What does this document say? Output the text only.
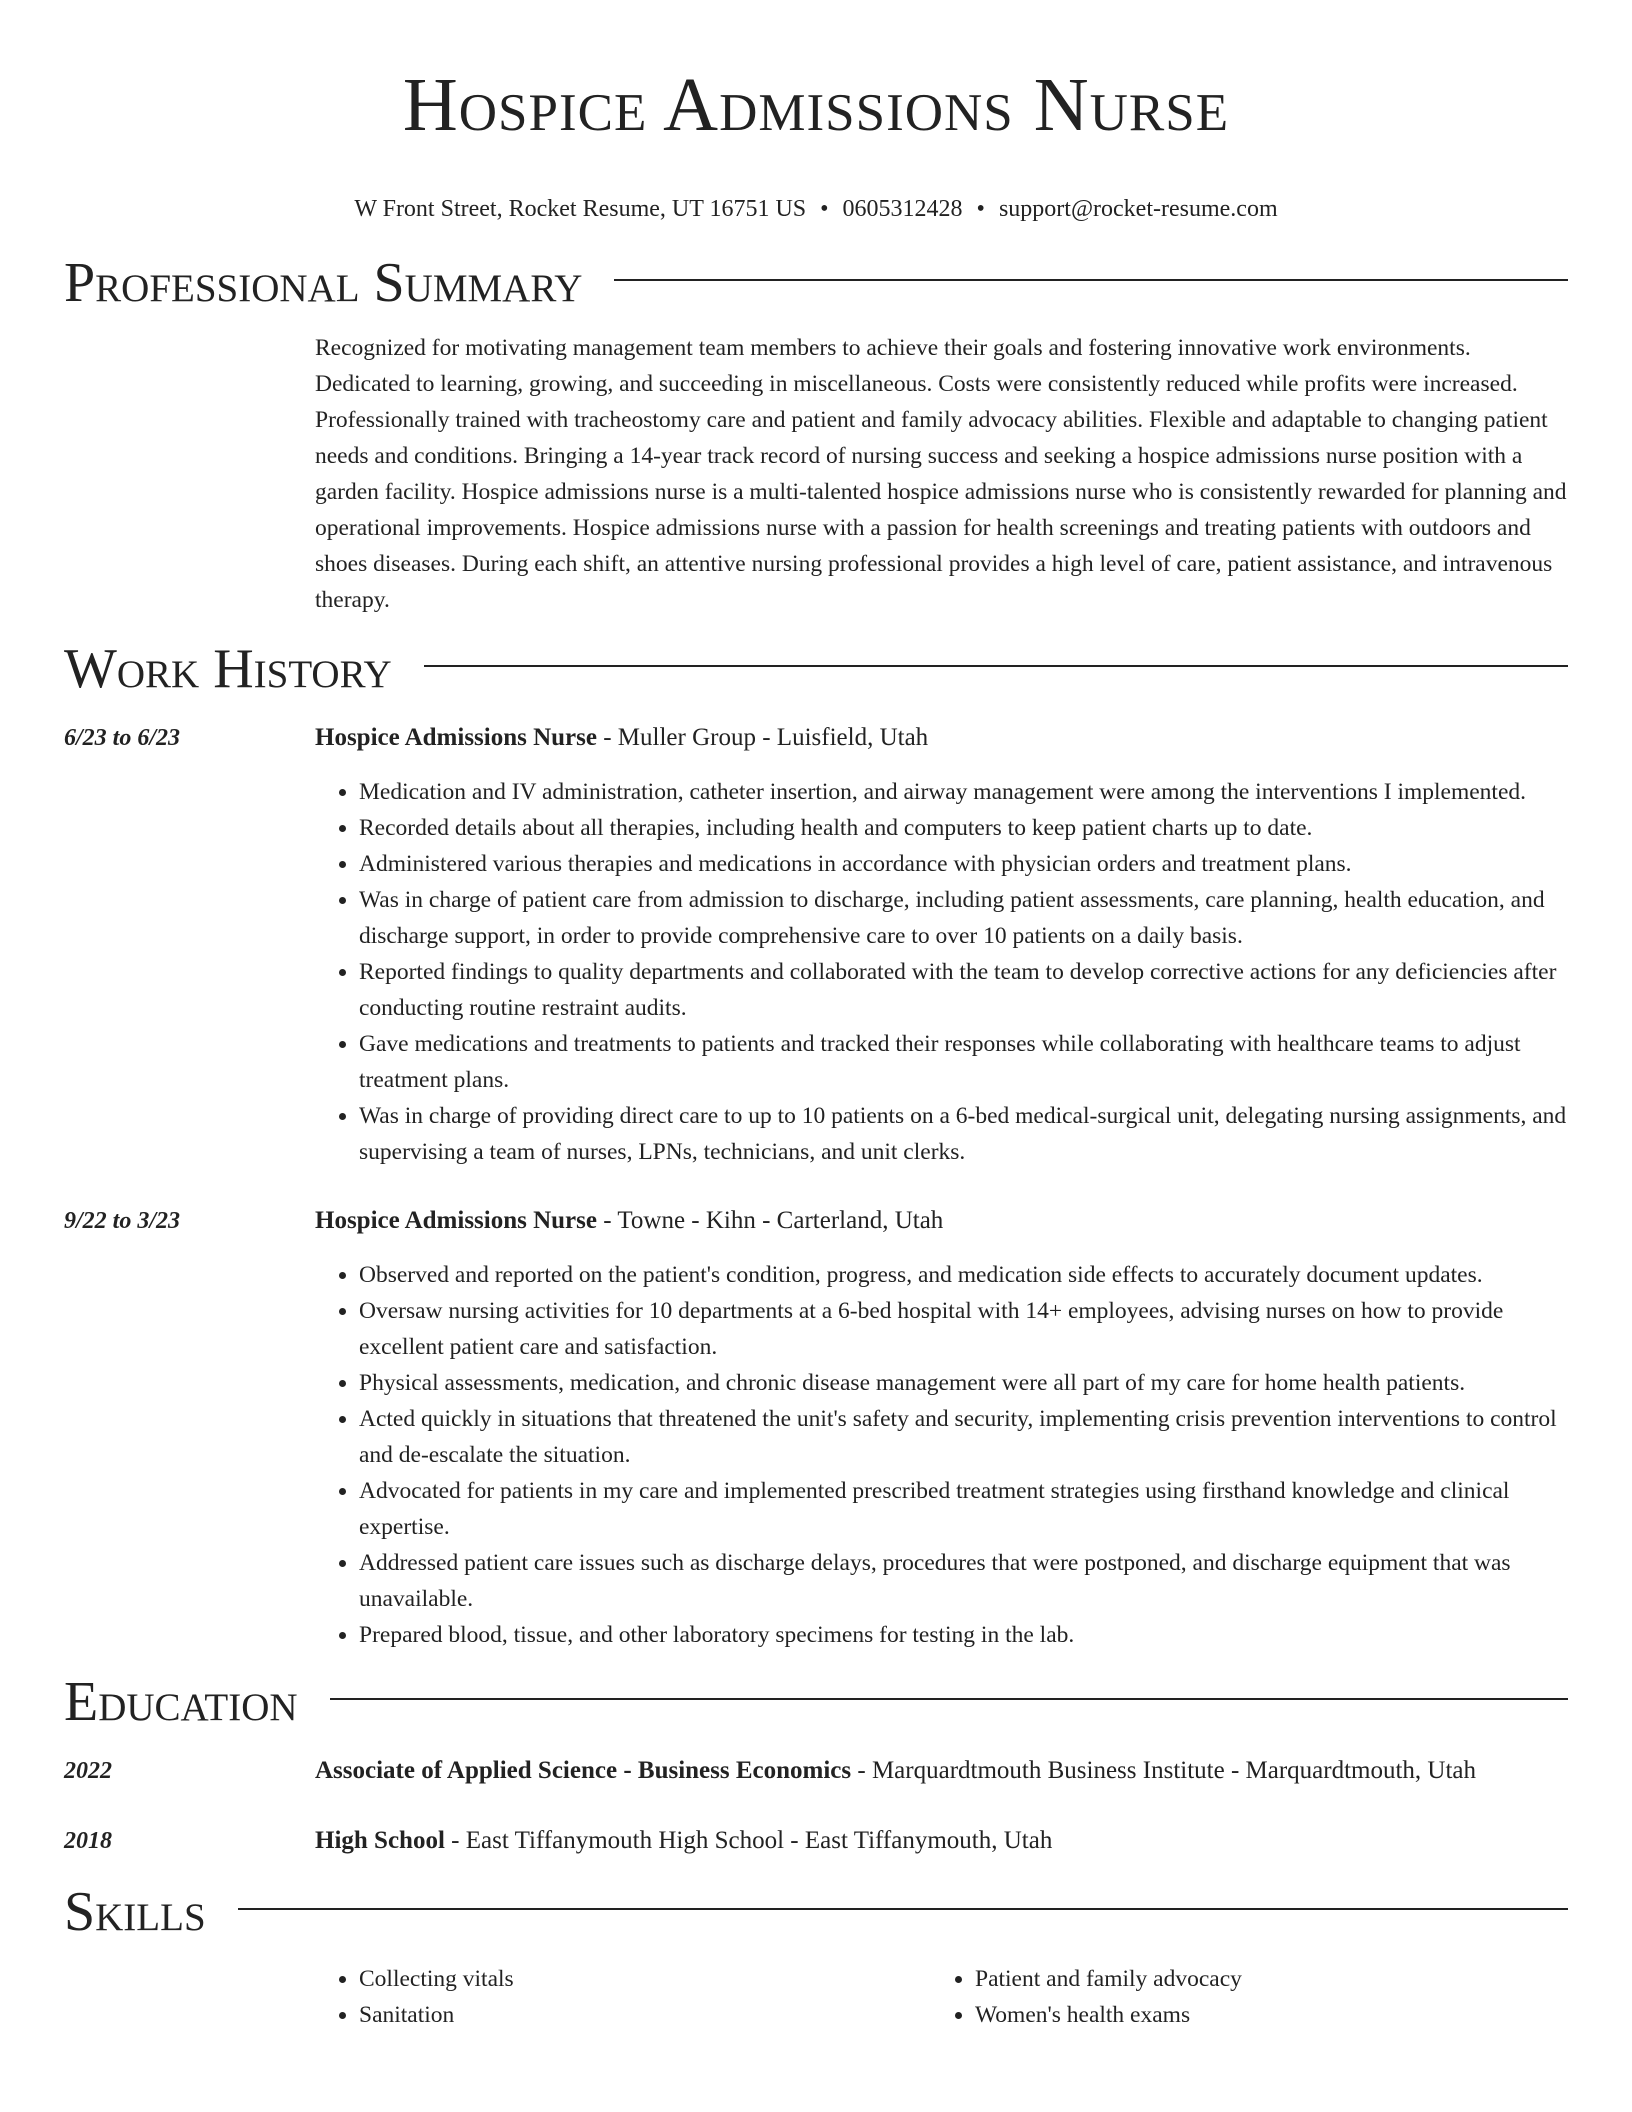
Hospice Admissions Nurse
W Front Street, Rocket Resume, UT 16751 US • 0605312428 • support@rocket-resume.com
Professional Summary
Recognized for motivating management team members to achieve their goals and fostering innovative work environments. Dedicated to learning, growing, and succeeding in miscellaneous. Costs were consistently reduced while profits were increased. Professionally trained with tracheostomy care and patient and family advocacy abilities. Flexible and adaptable to changing patient needs and conditions. Bringing a 14-year track record of nursing success and seeking a hospice admissions nurse position with a garden facility. Hospice admissions nurse is a multi-talented hospice admissions nurse who is consistently rewarded for planning and operational improvements. Hospice admissions nurse with a passion for health screenings and treating patients with outdoors and shoes diseases. During each shift, an attentive nursing professional provides a high level of care, patient assistance, and intravenous therapy.
Work History
6/23 to 6/23	Hospice Admissions Nurse - Muller Group - Luisfield, Utah
• Medication and IV administration, catheter insertion, and airway management were among the interventions I implemented.
• Recorded details about all therapies, including health and computers to keep patient charts up to date.
• Administered various therapies and medications in accordance with physician orders and treatment plans.
• Was in charge of patient care from admission to discharge, including patient assessments, care planning, health education, and discharge support, in order to provide comprehensive care to over 10 patients on a daily basis.
• Reported findings to quality departments and collaborated with the team to develop corrective actions for any deficiencies after conducting routine restraint audits.
• Gave medications and treatments to patients and tracked their responses while collaborating with healthcare teams to adjust treatment plans.
• Was in charge of providing direct care to up to 10 patients on a 6-bed medical-surgical unit, delegating nursing assignments, and supervising a team of nurses, LPNs, technicians, and unit clerks.
9/22 to 3/23	Hospice Admissions Nurse - Towne - Kihn - Carterland, Utah
• Observed and reported on the patient's condition, progress, and medication side effects to accurately document updates.
• Oversaw nursing activities for 10 departments at a 6-bed hospital with 14+ employees, advising nurses on how to provide excellent patient care and satisfaction.
• Physical assessments, medication, and chronic disease management were all part of my care for home health patients.
• Acted quickly in situations that threatened the unit's safety and security, implementing crisis prevention interventions to control and de-escalate the situation.
• Advocated for patients in my care and implemented prescribed treatment strategies using firsthand knowledge and clinical expertise.
• Addressed patient care issues such as discharge delays, procedures that were postponed, and discharge equipment that was unavailable.
• Prepared blood, tissue, and other laboratory specimens for testing in the lab.
Education
2022	Associate of Applied Science - Business Economics - Marquardtmouth Business Institute - Marquardtmouth, Utah
2018	High School - East Tiffanymouth High School - East Tiffanymouth, Utah
Skills
• Collecting vitals
• Sanitation
• Patient and family advocacy
• Women's health exams
